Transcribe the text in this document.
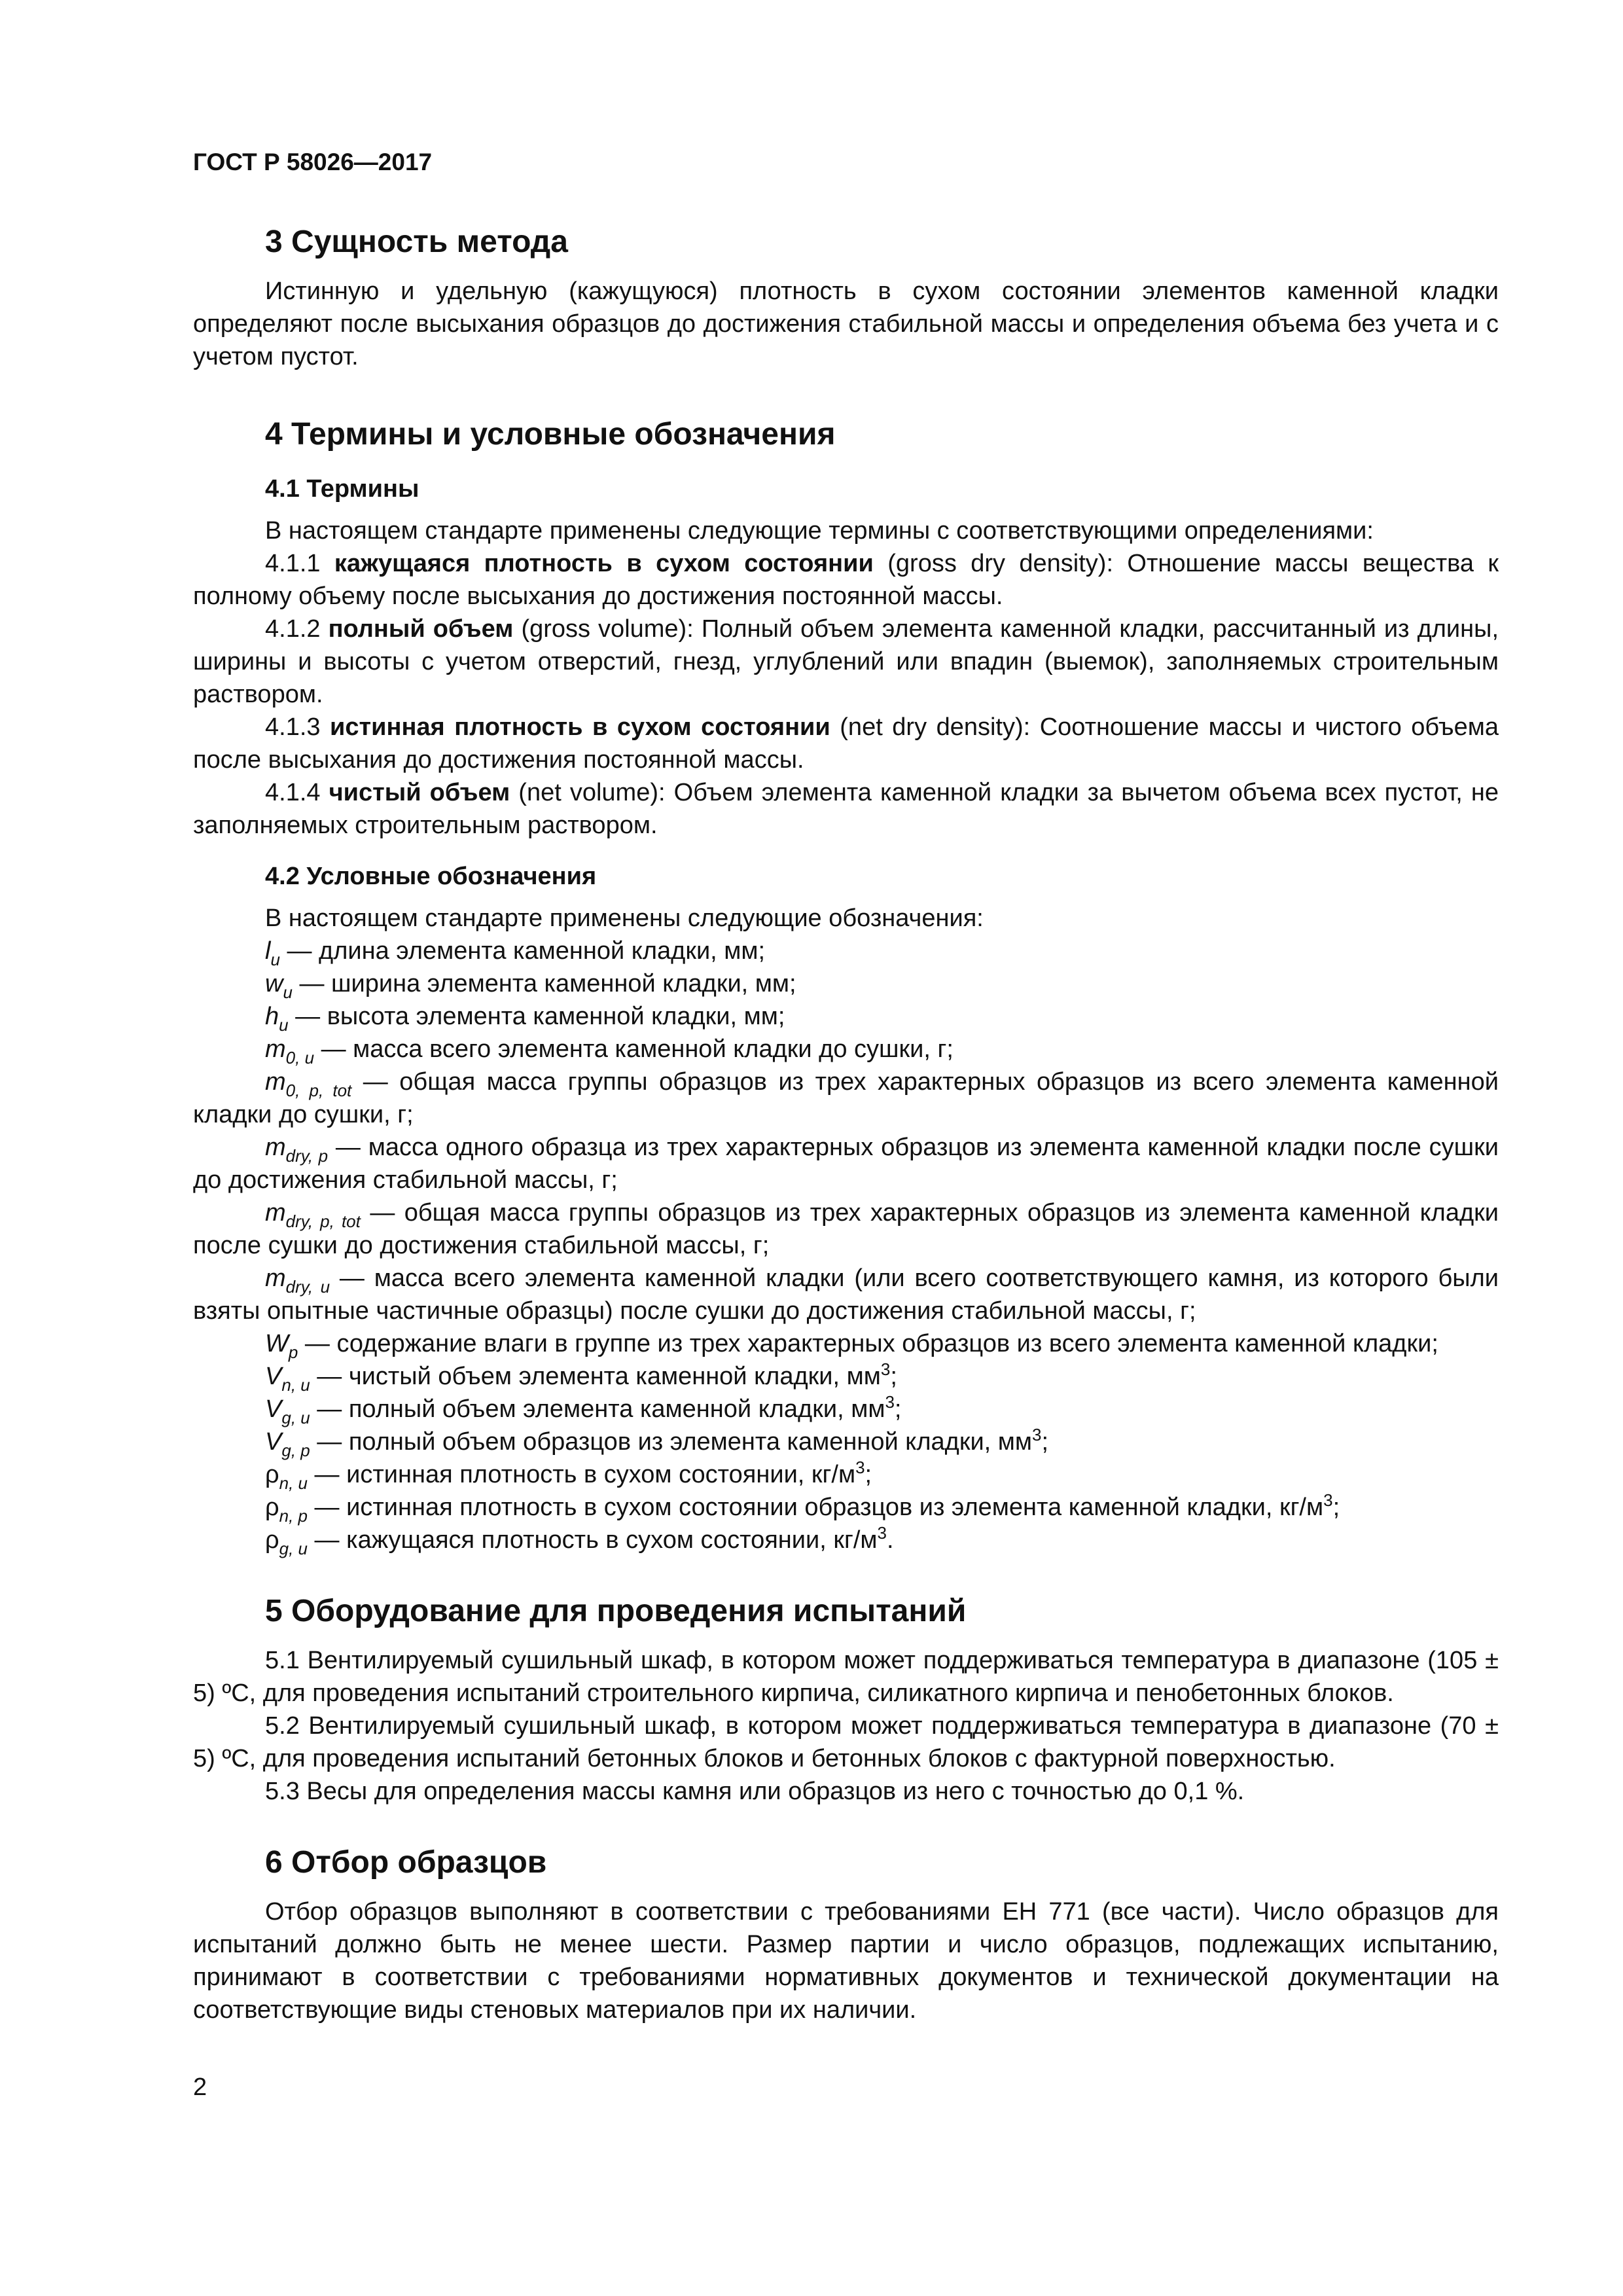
ГОСТ Р 58026—2017
3 Сущность метода

Истинную и удельную (кажущуюся) плотность в сухом состоянии элементов каменной кладки определяют после высыхания образцов до достижения стабильной массы и определения объема без учета и с учетом пустот.

4 Термины и условные обозначения
4.1 Термины

В настоящем стандарте применены следующие термины с соответствующими определениями:

4.1.1 кажущаяся плотность в сухом состоянии (gross dry density): Отношение массы вещества к полному объему после высыхания до достижения постоянной массы.

4.1.2 полный объем (gross volume): Полный объем элемента каменной кладки, рассчитанный из длины, ширины и высоты с учетом отверстий, гнезд, углублений или впадин (выемок), заполняемых строительным раствором.

4.1.3 истинная плотность в сухом состоянии (net dry density): Соотношение массы и чистого объема после высыхания до достижения постоянной массы.

4.1.4 чистый объем (net volume): Объем элемента каменной кладки за вычетом объема всех пустот, не заполняемых строительным раствором.

4.2 Условные обозначения

В настоящем стандарте применены следующие обозначения:

$l_u$ — длина элемента каменной кладки, мм;

$w_u$ — ширина элемента каменной кладки, мм;

$h_u$ — высота элемента каменной кладки, мм;

$m_{0, u}$ — масса всего элемента каменной кладки до сушки, г;

$m_{0, p, tot}$ — общая масса группы образцов из трех характерных образцов из всего элемента каменной кладки до сушки, г;

$m_{dry, p}$ — масса одного образца из трех характерных образцов из элемента каменной кладки после сушки до достижения стабильной массы, г;

$m_{dry, p, tot}$ — общая масса группы образцов из трех характерных образцов из элемента каменной кладки после сушки до достижения стабильной массы, г;

$m_{dry, u}$ — масса всего элемента каменной кладки (или всего соответствующего камня, из которого были взяты опытные частичные образцы) после сушки до достижения стабильной массы, г;

$W_p$ — содержание влаги в группе из трех характерных образцов из всего элемента каменной кладки;

$V_{n, u}$ — чистый объем элемента каменной кладки, $мм^3$;

$V_{g, u}$ — полный объем элемента каменной кладки, $мм^3$;

$V_{g, p}$ — полный объем образцов из элемента каменной кладки, $мм^3$;

$\rho_{n, u}$ — истинная плотность в сухом состоянии, $кг/м^3$;

$\rho_{n, p}$ — истинная плотность в сухом состоянии образцов из элемента каменной кладки, $кг/м^3$;

$\rho_{g, u}$ — кажущаяся плотность в сухом состоянии, $кг/м^3$.

5 Оборудование для проведения испытаний

5.1 Вентилируемый сушильный шкаф, в котором может поддерживаться температура в диапазоне (105 ± 5) ºС, для проведения испытаний строительного кирпича, силикатного кирпича и пенобетонных блоков.

5.2 Вентилируемый сушильный шкаф, в котором может поддерживаться температура в диапазоне (70 ± 5) ºС, для проведения испытаний бетонных блоков и бетонных блоков с фактурной поверхностью.

5.3 Весы для определения массы камня или образцов из него с точностью до 0,1 %.

6 Отбор образцов

Отбор образцов выполняют в соответствии с требованиями ЕН 771 (все части). Число образцов для испытаний должно быть не менее шести. Размер партии и число образцов, подлежащих испытанию, принимают в соответствии с требованиями нормативных документов и технической документации на соответствующие виды стеновых материалов при их наличии.

2
